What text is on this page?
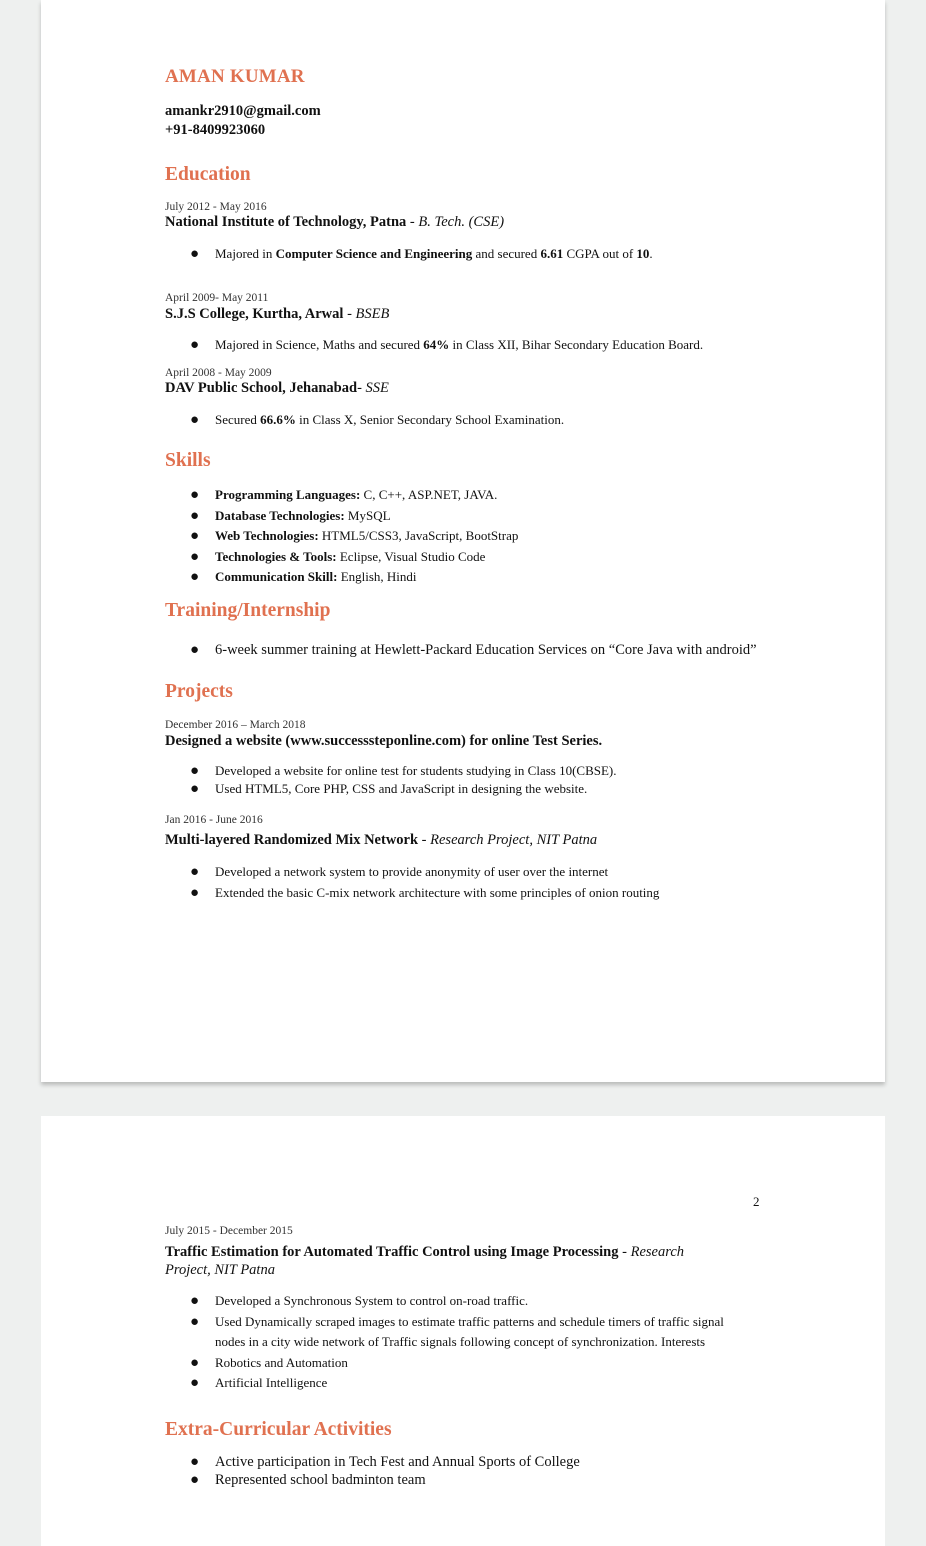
AMAN KUMAR
amankr2910@gmail.com
+91-8409923060
Education
July 2012 - May 2016
National Institute of Technology, Patna - B. Tech. (CSE)
● Majored in Computer Science and Engineering and secured 6.61 CGPA out of 10.
April 2009- May 2011
S.J.S College, Kurtha, Arwal - BSEB
● Majored in Science, Maths and secured 64% in Class XII, Bihar Secondary Education Board.
April 2008 - May 2009
DAV Public School, Jehanabad- SSE
● Secured 66.6% in Class X, Senior Secondary School Examination.
Skills
● Programming Languages: C, C++, ASP.NET, JAVA.
● Database Technologies: MySQL
● Web Technologies: HTML5/CSS3, JavaScript, BootStrap
● Technologies & Tools: Eclipse, Visual Studio Code
● Communication Skill: English, Hindi
Training/Internship
● 6-week summer training at Hewlett-Packard Education Services on “Core Java with android”
Projects
December 2016 – March 2018
Designed a website (www.successsteponline.com) for online Test Series.
● Developed a website for online test for students studying in Class 10(CBSE).
● Used HTML5, Core PHP, CSS and JavaScript in designing the website.
Jan 2016 - June 2016
Multi-layered Randomized Mix Network - Research Project, NIT Patna
● Developed a network system to provide anonymity of user over the internet
● Extended the basic C-mix network architecture with some principles of onion routing
2
July 2015 - December 2015
Traffic Estimation for Automated Traffic Control using Image Processing - Research
Project, NIT Patna
● Developed a Synchronous System to control on-road traffic.
● Used Dynamically scraped images to estimate traffic patterns and schedule timers of traffic signal
nodes in a city wide network of Traffic signals following concept of synchronization. Interests
● Robotics and Automation
● Artificial Intelligence
Extra-Curricular Activities
● Active participation in Tech Fest and Annual Sports of College
● Represented school badminton team
